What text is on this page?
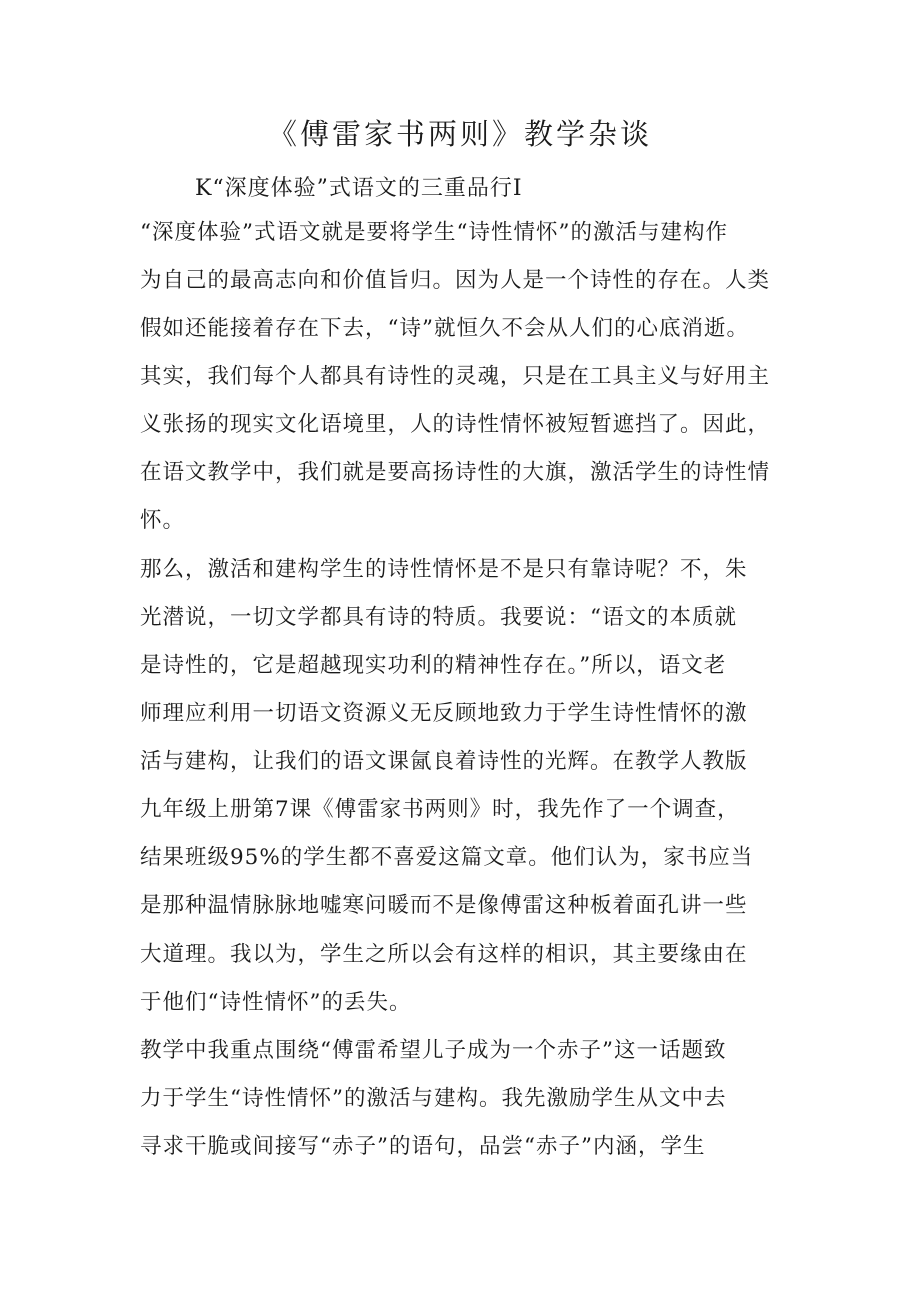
《傅雷家书两则》教学杂谈
K“深度体验”式语文的三重品行I
“深度体验”式语文就是要将学生“诗性情怀”的激活与建构作
为自己的最高志向和价值旨归。因为人是一个诗性的存在。人类
假如还能接着存在下去，“诗”就恒久不会从人们的心底消逝。
其实，我们每个人都具有诗性的灵魂，只是在工具主义与好用主
义张扬的现实文化语境里，人的诗性情怀被短暂遮挡了。因此，
在语文教学中，我们就是要高扬诗性的大旗，激活学生的诗性情
怀。
那么，激活和建构学生的诗性情怀是不是只有靠诗呢？不，朱
光潜说，一切文学都具有诗的特质。我要说：“语文的本质就
是诗性的，它是超越现实功利的精神性存在。”所以，语文老
师理应利用一切语文资源义无反顾地致力于学生诗性情怀的激
活与建构，让我们的语文课氤良着诗性的光辉。在教学人教版
九年级上册第7课《傅雷家书两则》时，我先作了一个调查，
结果班级95%的学生都不喜爱这篇文章。他们认为，家书应当
是那种温情脉脉地嘘寒问暖而不是像傅雷这种板着面孔讲一些
大道理。我以为，学生之所以会有这样的相识，其主要缘由在
于他们“诗性情怀”的丢失。
教学中我重点围绕“傅雷希望儿子成为一个赤子”这一话题致
力于学生“诗性情怀”的激活与建构。我先激励学生从文中去
寻求干脆或间接写“赤子”的语句，品尝“赤子”内涵，学生
